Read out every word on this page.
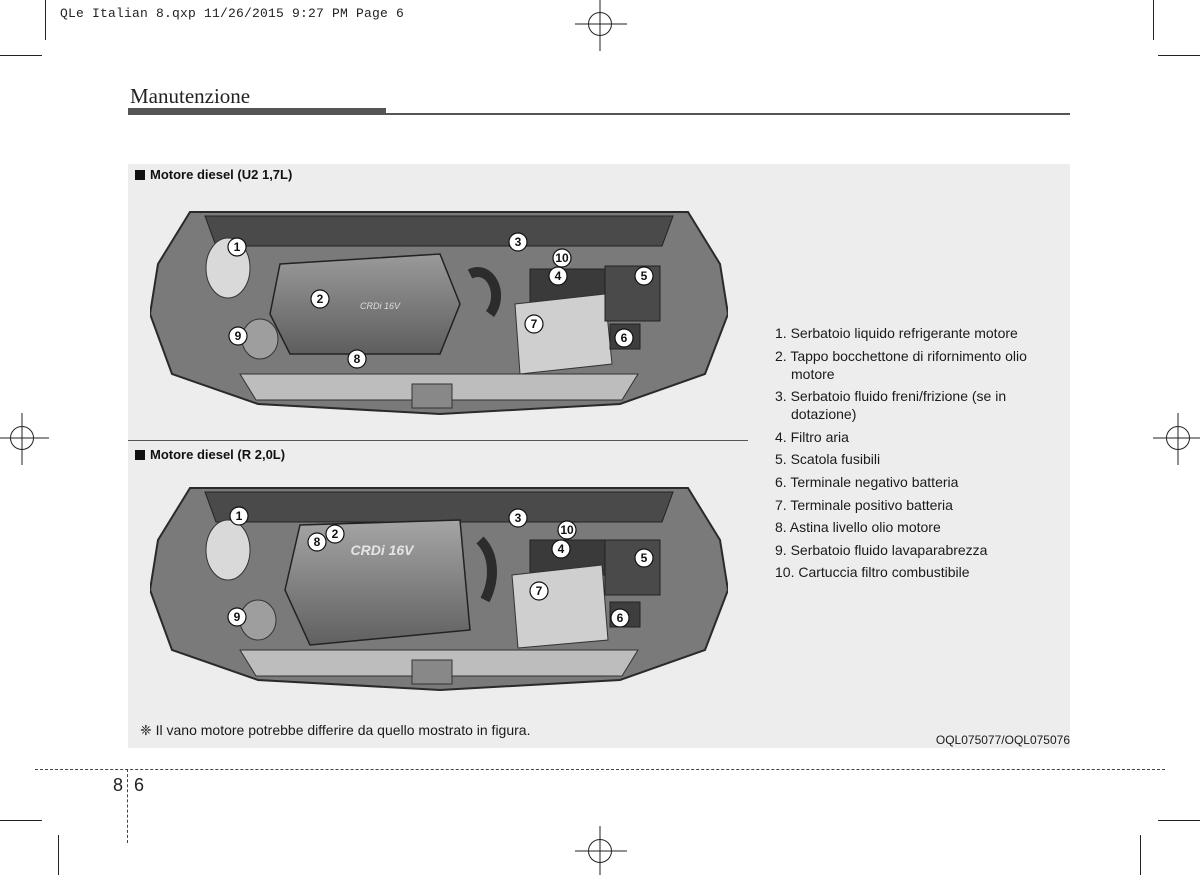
QLe Italian 8.qxp 11/26/2015 9:27 PM Page 6
Manutenzione
Motore diesel (U2 1,7L)
Motore diesel (R 2,0L)
CRDi 16V
1
2
3
4	5
6
7
8
9
10
CRDi 16V
1
2
3
4
5
6
7
8
9
10
1. Serbatoio liquido refrigerante motore
2. Tappo bocchettone di rifornimento olio motore
3. Serbatoio fluido freni/frizione (se in dotazione)
4. Filtro aria
5. Scatola fusibili
6. Terminale negativo batteria
7. Terminale positivo batteria
8. Astina livello olio motore
9. Serbatoio fluido lavaparabrezza
10. Cartuccia filtro combustibile
❈ Il vano motore potrebbe differire da quello mostrato in figura.
OQL075077/OQL075076
8 6
